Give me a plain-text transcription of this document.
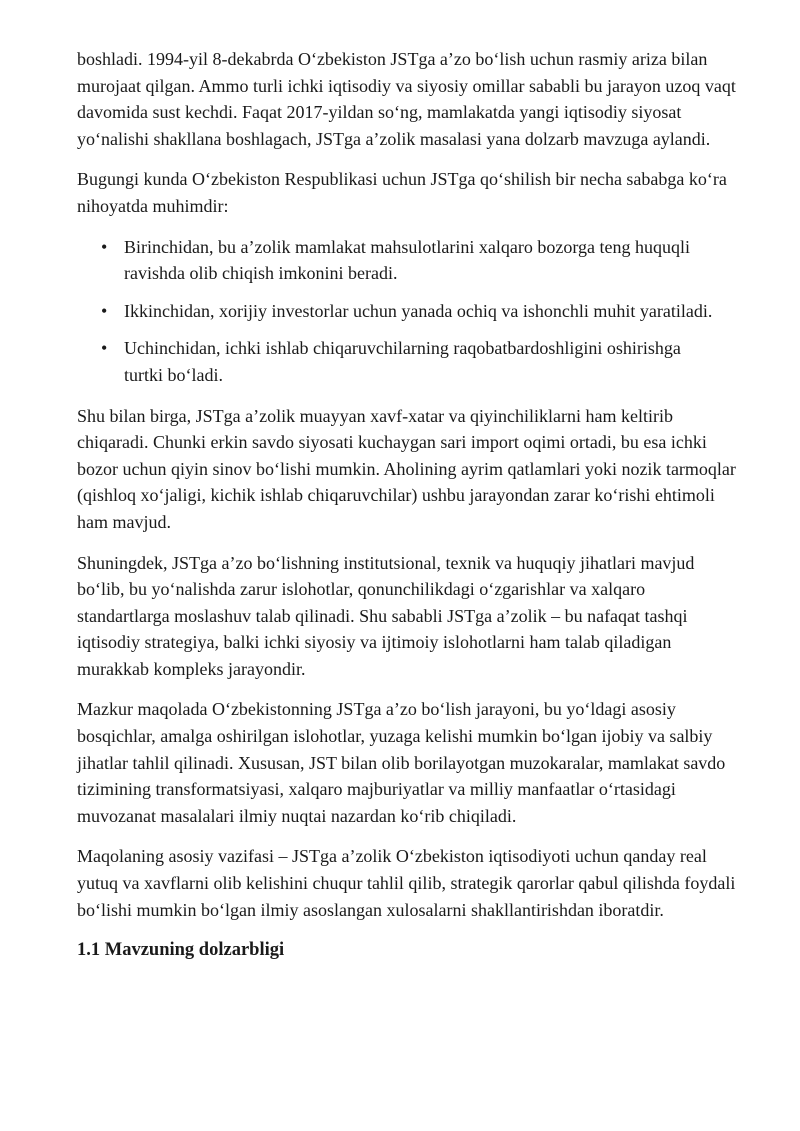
boshladi. 1994-yil 8-dekabrda O‘zbekiston JSTga a’zo bo‘lish uchun rasmiy ariza bilan murojaat qilgan. Ammo turli ichki iqtisodiy va siyosiy omillar sababli bu jarayon uzoq vaqt davomida sust kechdi. Faqat 2017-yildan so‘ng, mamlakatda yangi iqtisodiy siyosat yo‘nalishi shakllana boshlagach, JSTga a’zolik masalasi yana dolzarb mavzuga aylandi.

Bugungi kunda O‘zbekiston Respublikasi uchun JSTga qo‘shilish bir necha sababga ko‘ra nihoyatda muhimdir:

• Birinchidan, bu a’zolik mamlakat mahsulotlarini xalqaro bozorga teng huquqli ravishda olib chiqish imkonini beradi.
• Ikkinchidan, xorijiy investorlar uchun yanada ochiq va ishonchli muhit yaratiladi.
• Uchinchidan, ichki ishlab chiqaruvchilarning raqobatbardoshligini oshirishga turtki bo‘ladi.

Shu bilan birga, JSTga a’zolik muayyan xavf-xatar va qiyinchiliklarni ham keltirib chiqaradi. Chunki erkin savdo siyosati kuchaygan sari import oqimi ortadi, bu esa ichki bozor uchun qiyin sinov bo‘lishi mumkin. Aholining ayrim qatlamlari yoki nozik tarmoqlar (qishloq xo‘jaligi, kichik ishlab chiqaruvchilar) ushbu jarayondan zarar ko‘rishi ehtimoli ham mavjud.

Shuningdek, JSTga a’zo bo‘lishning institutsional, texnik va huquqiy jihatlari mavjud bo‘lib, bu yo‘nalishda zarur islohotlar, qonunchilikdagi o‘zgarishlar va xalqaro standartlarga moslashuv talab qilinadi. Shu sababli JSTga a’zolik – bu nafaqat tashqi iqtisodiy strategiya, balki ichki siyosiy va ijtimoiy islohotlarni ham talab qiladigan murakkab kompleks jarayondir.

Mazkur maqolada O‘zbekistonning JSTga a’zo bo‘lish jarayoni, bu yo‘ldagi asosiy bosqichlar, amalga oshirilgan islohotlar, yuzaga kelishi mumkin bo‘lgan ijobiy va salbiy jihatlar tahlil qilinadi. Xususan, JST bilan olib borilayotgan muzokaralar, mamlakat savdo tizimining transformatsiyasi, xalqaro majburiyatlar va milliy manfaatlar o‘rtasidagi muvozanat masalalari ilmiy nuqtai nazardan ko‘rib chiqiladi.

Maqolaning asosiy vazifasi – JSTga a’zolik O‘zbekiston iqtisodiyoti uchun qanday real yutuq va xavflarni olib kelishini chuqur tahlil qilib, strategik qarorlar qabul qilishda foydali bo‘lishi mumkin bo‘lgan ilmiy asoslangan xulosalarni shakllantirishdan iboratdir.

1.1 Mavzuning dolzarbligi
